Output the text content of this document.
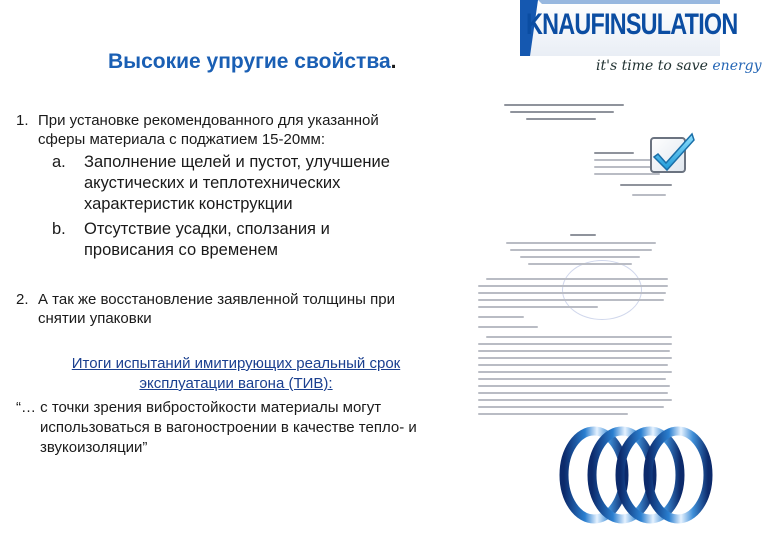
KNAUFINSULATION
it's time to save energy
Высокие упругие свойства.
1. При установке рекомендованного для указанной
сферы материала с поджатием 15-20мм:
a. Заполнение щелей и пустот, улучшение
акустических и теплотехнических
характеристик конструкции
b. Отсутствие усадки, сползания и
провисания со временем
2. А так же восстановление заявленной толщины при
снятии упаковки
Итоги испытаний имитирующих реальный срок
эксплуатации вагона (ТИВ):
“… с точки зрения вибростойкости материалы могут
использоваться в вагоностроении в качестве тепло- и
звукоизоляции”
